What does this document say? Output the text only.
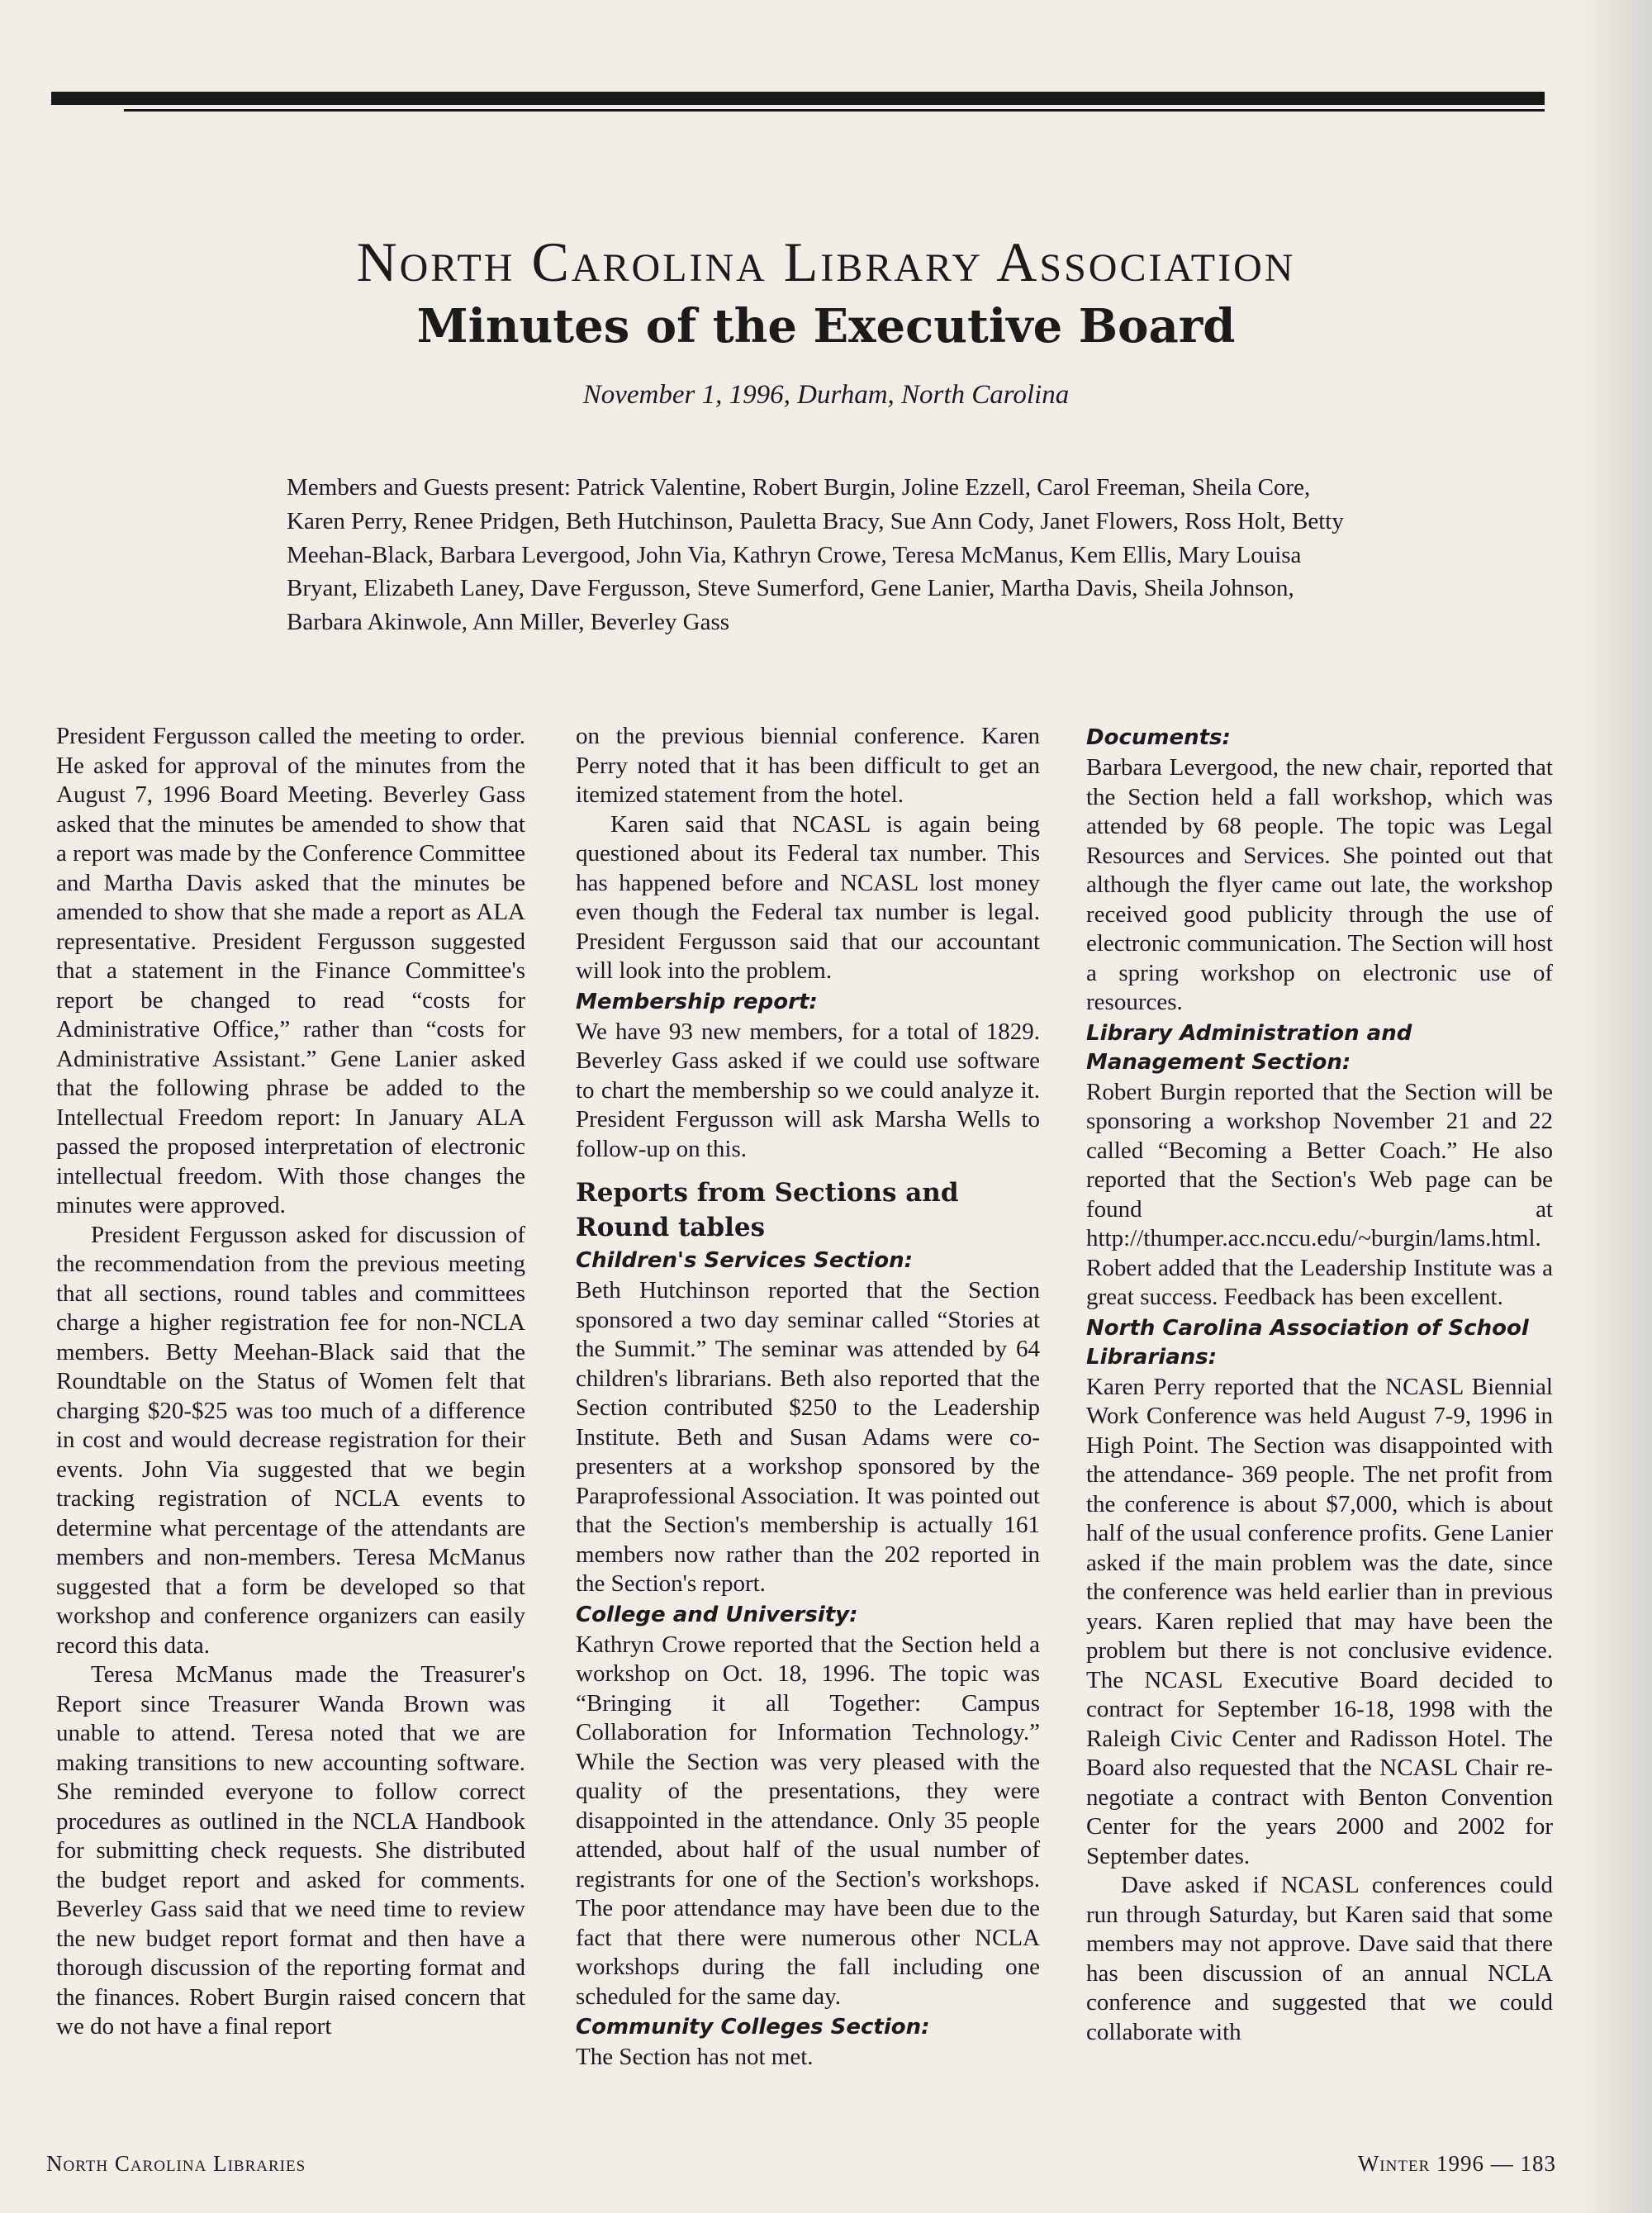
North Carolina Library Association
Minutes of the Executive Board
November 1, 1996, Durham, North Carolina
Members and Guests present: Patrick Valentine, Robert Burgin, Joline Ezzell, Carol Freeman, Sheila Core, Karen Perry, Renee Pridgen, Beth Hutchinson, Pauletta Bracy, Sue Ann Cody, Janet Flowers, Ross Holt, Betty Meehan-Black, Barbara Levergood, John Via, Kathryn Crowe, Teresa McManus, Kem Ellis, Mary Louisa Bryant, Elizabeth Laney, Dave Fergusson, Steve Sumerford, Gene Lanier, Martha Davis, Sheila Johnson, Barbara Akinwole, Ann Miller, Beverley Gass

President Fergusson called the meeting to order. He asked for approval of the minutes from the August 7, 1996 Board Meeting. Beverley Gass asked that the minutes be amended to show that a report was made by the Conference Committee and Martha Davis asked that the minutes be amended to show that she made a report as ALA representative. President Fergusson suggested that a statement in the Finance Committee's report be changed to read “costs for Administrative Office,” rather than “costs for Administrative Assistant.” Gene Lanier asked that the following phrase be added to the Intellectual Freedom report: In January ALA passed the proposed interpretation of electronic intellectual freedom. With those changes the minutes were approved.

President Fergusson asked for discussion of the recommendation from the previous meeting that all sections, round tables and committees charge a higher registration fee for non-NCLA members. Betty Meehan-Black said that the Roundtable on the Status of Women felt that charging $20-$25 was too much of a difference in cost and would decrease registration for their events. John Via suggested that we begin tracking registration of NCLA events to determine what percentage of the attendants are members and non-members. Teresa McManus suggested that a form be developed so that workshop and conference organizers can easily record this data.

Teresa McManus made the Treasurer's Report since Treasurer Wanda Brown was unable to attend. Teresa noted that we are making transitions to new accounting software. She reminded everyone to follow correct procedures as outlined in the NCLA Handbook for submitting check requests. She distributed the budget report and asked for comments. Beverley Gass said that we need time to review the new budget report format and then have a thorough discussion of the reporting format and the finances. Robert Burgin raised concern that we do not have a final report

on the previous biennial conference. Karen Perry noted that it has been difficult to get an itemized statement from the hotel.

Karen said that NCASL is again being questioned about its Federal tax number. This has happened before and NCASL lost money even though the Federal tax number is legal. President Fergusson said that our accountant will look into the problem.

Membership report:

We have 93 new members, for a total of 1829. Beverley Gass asked if we could use software to chart the membership so we could analyze it. President Fergusson will ask Marsha Wells to follow-up on this.

Reports from Sections and Round tables
Children's Services Section:

Beth Hutchinson reported that the Section sponsored a two day seminar called “Stories at the Summit.” The seminar was attended by 64 children's librarians. Beth also reported that the Section contributed $250 to the Leadership Institute. Beth and Susan Adams were co-presenters at a workshop sponsored by the Paraprofessional Association. It was pointed out that the Section's membership is actually 161 members now rather than the 202 reported in the Section's report.

College and University:

Kathryn Crowe reported that the Section held a workshop on Oct. 18, 1996. The topic was “Bringing it all Together: Campus Collaboration for Information Technology.” While the Section was very pleased with the quality of the presentations, they were disappointed in the attendance. Only 35 people attended, about half of the usual number of registrants for one of the Section's workshops. The poor attendance may have been due to the fact that there were numerous other NCLA workshops during the fall including one scheduled for the same day.

Community Colleges Section:

The Section has not met.

Documents:

Barbara Levergood, the new chair, reported that the Section held a fall workshop, which was attended by 68 people. The topic was Legal Resources and Services. She pointed out that although the flyer came out late, the workshop received good publicity through the use of electronic communication. The Section will host a spring workshop on electronic use of resources.

Library Administration and Management Section:

Robert Burgin reported that the Section will be sponsoring a workshop November 21 and 22 called “Becoming a Better Coach.” He also reported that the Section's Web page can be found at http://thumper.acc.nccu.edu/~burgin/lams.html. Robert added that the Leadership Institute was a great success. Feedback has been excellent.

North Carolina Association of School Librarians:

Karen Perry reported that the NCASL Biennial Work Conference was held August 7-9, 1996 in High Point. The Section was disappointed with the attendance- 369 people. The net profit from the conference is about $7,000, which is about half of the usual conference profits. Gene Lanier asked if the main problem was the date, since the conference was held earlier than in previous years. Karen replied that may have been the problem but there is not conclusive evidence. The NCASL Executive Board decided to contract for September 16-18, 1998 with the Raleigh Civic Center and Radisson Hotel. The Board also requested that the NCASL Chair re-negotiate a contract with Benton Convention Center for the years 2000 and 2002 for September dates.

Dave asked if NCASL conferences could run through Saturday, but Karen said that some members may not approve. Dave said that there has been discussion of an annual NCLA conference and suggested that we could collaborate with

North Carolina Libraries	Winter 1996 — 183
